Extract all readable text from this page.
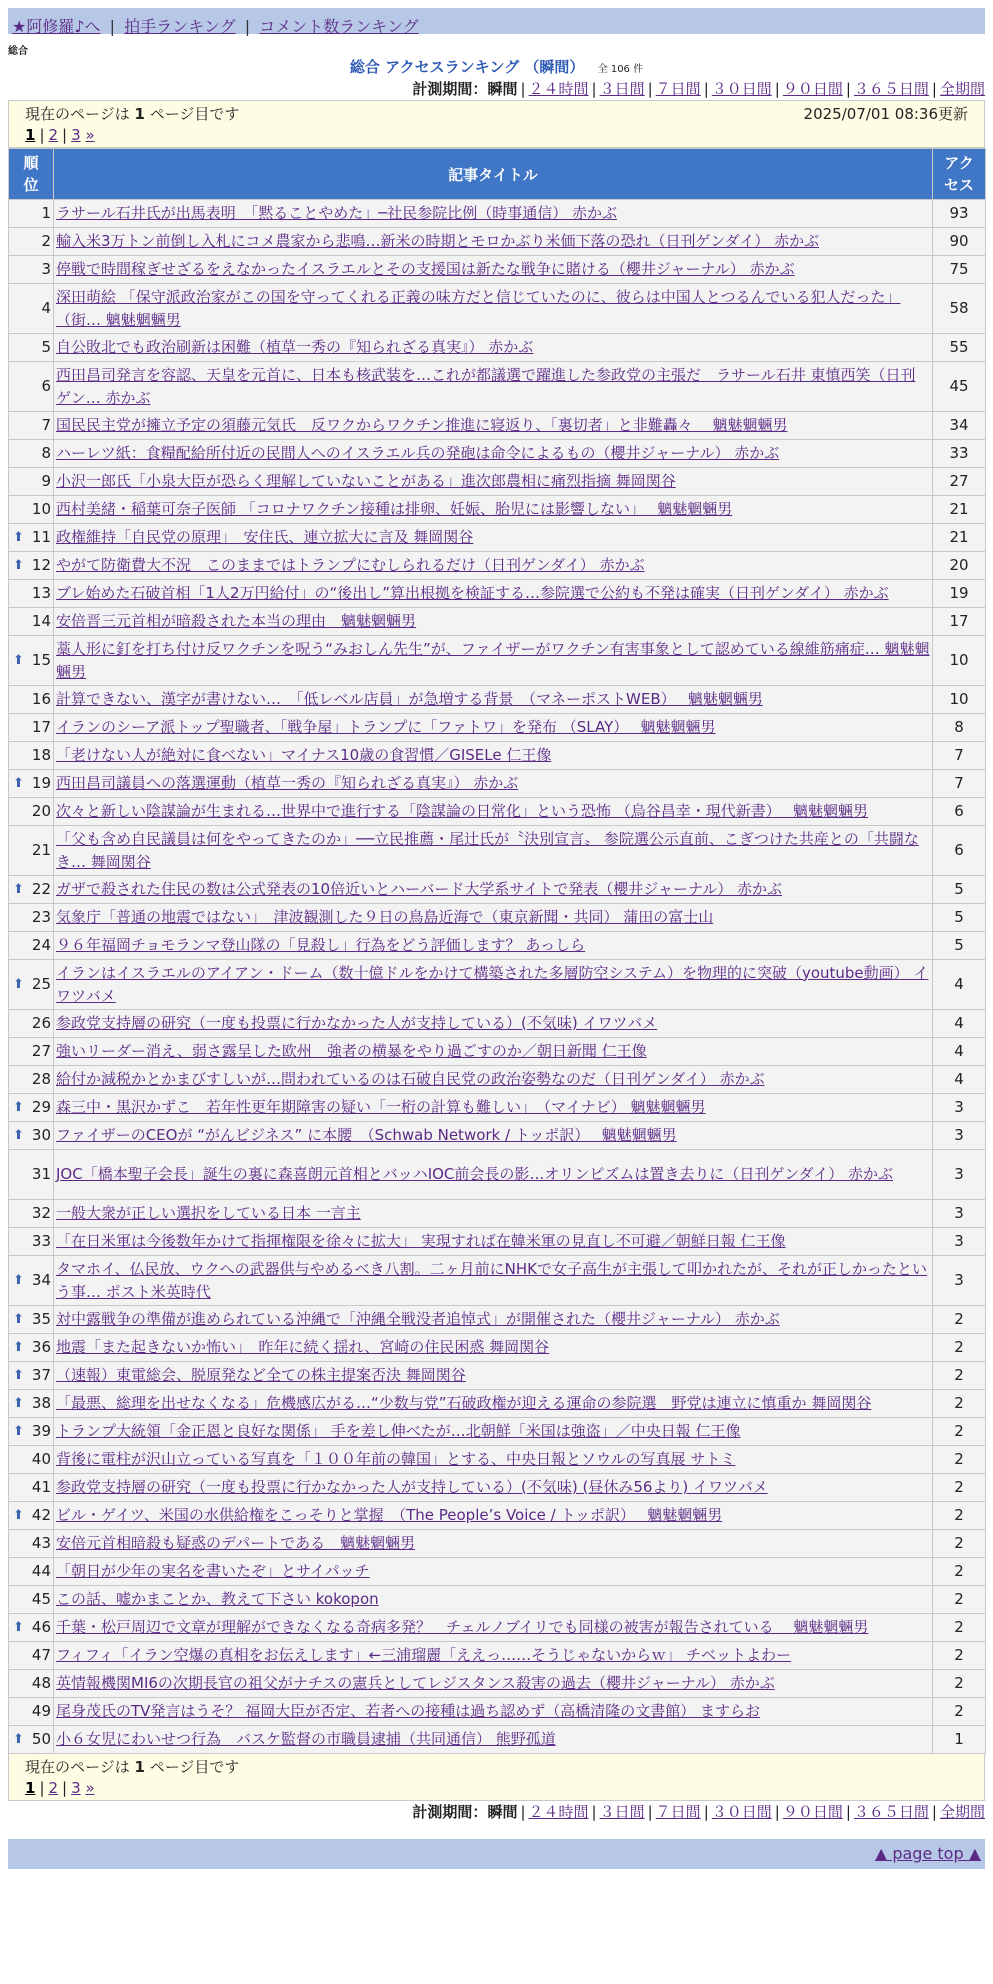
★阿修羅♪へ | 拍手ランキング | コメント数ランキング
総合
総合 アクセスランキング （瞬間） 全 106 件
計測期間：瞬間 | ２４時間 | ３日間 | ７日間 | ３０日間 | ９０日間 | ３６５日間 | 全期間
現在のページは 1 ページ目です	2025/07/01 08:36更新
1 | 2 | 3 »
順位	記事タイトル	アクセス
1	ラサール石井氏が出馬表明　「黙ることやめた」─社民参院比例（時事通信） 赤かぶ	93
2	輸入米3万トン前倒し入札にコメ農家から悲鳴…新米の時期とモロかぶり米価下落の恐れ（日刊ゲンダイ） 赤かぶ	90
3	停戦で時間稼ぎせざるをえなかったイスラエルとその支援国は新たな戦争に賭ける（櫻井ジャーナル） 赤かぶ	75
4	深田萌絵 「保守派政治家がこの国を守ってくれる正義の味方だと信じていたのに、彼らは中国人とつるんでいる犯人だった」（街… 魑魅魍魎男	58
5	自公敗北でも政治刷新は困難（植草一秀の『知られざる真実』） 赤かぶ	55
6	西田昌司発言を容認、天皇を元首に、日本も核武装を…これが都議選で躍進した参政党の主張だ　ラサール石井 東慎西笑（日刊ゲン… 赤かぶ	45
7	国民民主党が擁立予定の須藤元気氏　反ワクからワクチン推進に寝返り、「裏切者」と非難轟々　 魑魅魍魎男	34
8	ハーレツ紙：食糧配給所付近の民間人へのイスラエル兵の発砲は命令によるもの（櫻井ジャーナル） 赤かぶ	33
9	小沢一郎氏「小泉大臣が恐らく理解していないことがある」進次郎農相に痛烈指摘 舞岡関谷	27
10	西村美緒・稲葉可奈子医師 「コロナワクチン接種は排卵、妊娠、胎児には影響しない」　 魑魅魍魎男	21

⬆ 11	政権維持「自民党の原理」　安住氏、連立拡大に言及 舞岡関谷	21

⬆ 12	やがて防衛費大不況　このままではトランプにむしられるだけ（日刊ゲンダイ） 赤かぶ	20
13	ブレ始めた石破首相「1人2万円給付」の“後出し”算出根拠を検証する…参院選で公約も不発は確実（日刊ゲンダイ） 赤かぶ	19
14	安倍晋三元首相が暗殺された本当の理由　魑魅魍魎男	17

⬆ 15	藁人形に釘を打ち付け反ワクチンを呪う“みおしん先生”が、ファイザーがワクチン有害事象として認めている線維筋痛症… 魑魅魍魎男	10
16	計算できない、漢字が書けない…　「低レベル店員」が急増する背景　（マネーポストWEB）　 魑魅魍魎男	10
17	イランのシーア派トップ聖職者、「戦争屋」トランプに「ファトワ」を発布 （SLAY）　 魑魅魍魎男	8
18	「老けない人が絶対に食べない」マイナス10歳の食習慣／GISELe 仁王像	7

⬆ 19	西田昌司議員への落選運動（植草一秀の『知られざる真実』） 赤かぶ	7
20	次々と新しい陰謀論が生まれる…世界中で進行する「陰謀論の日常化」という恐怖 （烏谷昌幸・現代新書）　 魑魅魍魎男	6
21	「父も含め自民議員は何をやってきたのか」──立民推薦・尾辻氏が〝決別宣言〟 参院選公示直前、こぎつけた共産との「共闘なき… 舞岡関谷	6

⬆ 22	ガザで殺された住民の数は公式発表の10倍近いとハーバード大学系サイトで発表（櫻井ジャーナル） 赤かぶ	5
23	気象庁「普通の地震ではない」　津波観測した９日の鳥島近海で（東京新聞・共同） 蒲田の富士山	5
24	９６年福岡チョモランマ登山隊の「見殺し」行為をどう評価します？ あっしら	5

⬆ 25	イランはイスラエルのアイアン・ドーム（数十億ドルをかけて構築された多層防空システム）を物理的に突破（youtube動画） イワツバメ	4
26	参政党支持層の研究（一度も投票に行かなかった人が支持している）(不気味) イワツバメ	4
27	強いリーダー消え、弱さ露呈した欧州　強者の横暴をやり過ごすのか／朝日新聞 仁王像	4
28	給付か減税かとかまびすしいが…問われているのは石破自民党の政治姿勢なのだ（日刊ゲンダイ） 赤かぶ	4

⬆ 29	森三中・黒沢かずこ　若年性更年期障害の疑い「一桁の計算も難しい」　（マイナビ） 魑魅魍魎男	3

⬆ 30	ファイザーのCEOが “がんビジネス” に本腰　（Schwab Network / トッポ訳）　 魑魅魍魎男	3
31	JOC「橋本聖子会長」誕生の裏に森喜朗元首相とバッハIOC前会長の影…オリンピズムは置き去りに（日刊ゲンダイ） 赤かぶ	3
32	一般大衆が正しい選択をしている日本 一言主	3
33	「在日米軍は今後数年かけて指揮権限を徐々に拡大」 実現すれば在韓米軍の見直し不可避／朝鮮日報 仁王像	3

⬆ 34	タマホイ、仏民放、ウクへの武器供与やめるべき八割。二ヶ月前にNHKで女子高生が主張して叩かれたが、それが正しかったという事… ポスト米英時代	3

⬆ 35	対中露戦争の準備が進められている沖縄で「沖縄全戦没者追悼式」が開催された（櫻井ジャーナル） 赤かぶ	2

⬆ 36	地震「また起きないか怖い」　昨年に続く揺れ、宮崎の住民困惑 舞岡関谷	2

⬆ 37	（速報）東電総会、脱原発など全ての株主提案否決 舞岡関谷	2

⬆ 38	「最悪、総理を出せなくなる」危機感広がる…“少数与党”石破政権が迎える運命の参院選　野党は連立に慎重か 舞岡関谷	2

⬆ 39	トランプ大統領「金正恩と良好な関係」 手を差し伸べたが…北朝鮮「米国は強盗」／中央日報 仁王像	2
40	背後に電柱が沢山立っている写真を「１００年前の韓国」とする、中央日報とソウルの写真展 サトミ	2
41	参政党支持層の研究（一度も投票に行かなかった人が支持している）(不気味) (昼休み56より) イワツバメ	2

⬆ 42	ビル・ゲイツ、米国の水供給権をこっそりと掌握　（The People’s Voice / トッポ訳）　 魑魅魍魎男	2
43	安倍元首相暗殺も疑惑のデパートである　魑魅魍魎男	2
44	「朝日が少年の実名を書いたぞ」とサイパッチ	2
45	この話、嘘かまことか、教えて下さい kokopon	2

⬆ 46	千葉・松戸周辺で文章が理解ができなくなる奇病多発？　チェルノブイリでも同様の被害が報告されている　 魑魅魍魎男	2
47	フィフィ「イラン空爆の真相をお伝えします」←三浦瑠麗「ええっ……そうじゃないからｗ」 チベットよわー	2
48	英情報機関MI6の次期長官の祖父がナチスの憲兵としてレジスタンス殺害の過去（櫻井ジャーナル） 赤かぶ	2
49	尾身茂氏のTV発言はうそ？ 福岡大臣が否定、若者への接種は過ち認めず（高橋清隆の文書館） ますらお	2

⬆ 50	小６女児にわいせつ行為　バスケ監督の市職員逮捕（共同通信） 熊野孤道	1
現在のページは 1 ページ目です
1 | 2 | 3 »
計測期間：瞬間 | ２４時間 | ３日間 | ７日間 | ３０日間 | ９０日間 | ３６５日間 | 全期間
▲ page top ▲
